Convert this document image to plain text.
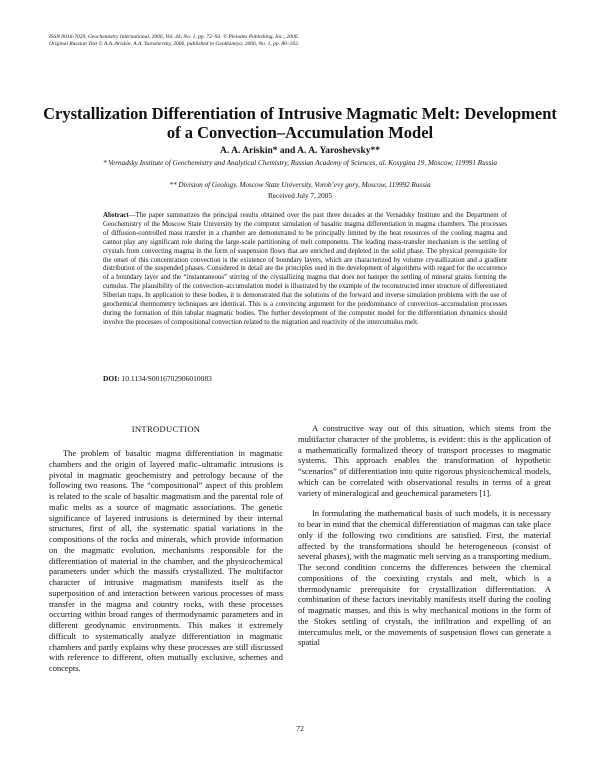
ISSN 0016-7029, Geochemistry International, 2006, Vol. 44, No. 1, pp. 72–93. © Pleiades Publishing, Inc., 2006.
Original Russian Text © A.A. Ariskin, A.A. Yaroshevsky, 2006, published in Geokhimiya, 2006, No. 1, pp. 80–102.
Crystallization Differentiation of Intrusive Magmatic Melt: Development of a Convection–Accumulation Model
A. A. Ariskin* and A. A. Yaroshevsky**
* Vernadsky Institute of Geochemistry and Analytical Chemistry, Russian Academy of Sciences, ul. Kosygina 19, Moscow, 119991 Russia
** Division of Geology, Moscow State University, Vorob’evy gory, Moscow, 119992 Russia
Received July 7, 2005
Abstract—The paper summarizes the principal results obtained over the past three decades at the Vernadsky Institute and the Department of Geochemistry of the Moscow State University by the computer simulation of basaltic magma differentiation in magma chambers. The processes of diffusion-controlled mass transfer in a chamber are demonstrated to be principally limited by the heat resources of the cooling magma and cannot play any significant role during the large-scale partitioning of melt components. The leading mass-transfer mechanism is the settling of crystals from convecting magma in the form of suspension flows that are enriched and depleted in the solid phase. The physical prerequisite for the onset of this concentration convection is the existence of boundary layers, which are characterized by volume crystallization and a gradient distribution of the suspended phases. Considered in detail are the principles used in the development of algorithms with regard for the occurrence of a boundary layer and the “instantaneous” stirring of the crystallizing magma that does not hamper the settling of mineral grains forming the cumulus. The plausibility of the convection–accumulation model is illustrated by the example of the reconstructed inner structure of differentiated Siberian traps. In application to these bodies, it is demonstrated that the solutions of the forward and inverse simulation problems with the use of geochemical thermometry techniques are identical. This is a convincing argument for the predominance of convection–accumulation processes during the formation of thin tabular magmatic bodies. The further development of the computer model for the differentiation dynamics should involve the processes of compositional convection related to the migration and reactivity of the intercumulus melt.
DOI: 10.1134/S0016702906010083
INTRODUCTION

The problem of basaltic magma differentiation in magmatic chambers and the origin of layered mafic–ultramafic intrusions is pivotal in magmatic geochemistry and petrology because of the following two reasons. The “compositional” aspect of this problem is related to the scale of basaltic magmatism and the parental role of mafic melts as a source of magmatic associations. The genetic significance of layered intrusions is determined by their internal structures, first of all, the systematic spatial variations in the compositions of the rocks and minerals, which provide information on the magmatic evolution, mechanisms responsible for the differentiation of material in the chamber, and the physicochemical parameters under which the massifs crystallized. The multifactor character of intrusive magmatism manifests itself as the superposition of and interaction between various processes of mass transfer in the magma and country rocks, with these processes occurring within broad ranges of thermodynamic parameters and in different geodynamic environments. This makes it extremely difficult to systematically analyze differentiation in magmatic chambers and partly explains why these processes are still discussed with reference to different, often mutually exclusive, schemes and concepts.

A constructive way out of this situation, which stems from the multifactor character of the problems, is evident: this is the application of a mathematically formalized theory of transport processes to magmatic systems. This approach enables the transformation of hypothetic “scenarios” of differentiation into quite rigorous physicochemical models, which can be correlated with observational results in terms of a great variety of mineralogical and geochemical parameters [1].

In formulating the mathematical basis of such models, it is necessary to bear in mind that the chemical differentiation of magmas can take place only if the following two conditions are satisfied. First, the material affected by the transformations should be heterogeneous (consist of several phases), with the magmatic melt serving as a transporting medium. The second condition concerns the differences between the chemical compositions of the coexisting crystals and melt, which is a thermodynamic prerequisite for crystallization differentiation. A combination of these factors inevitably manifests itself during the cooling of magmatic masses, and this is why mechanical motions in the form of the Stokes settling of crystals, the infiltration and expelling of an intercumulus melt, or the movements of suspension flows can generate a spatial

72
